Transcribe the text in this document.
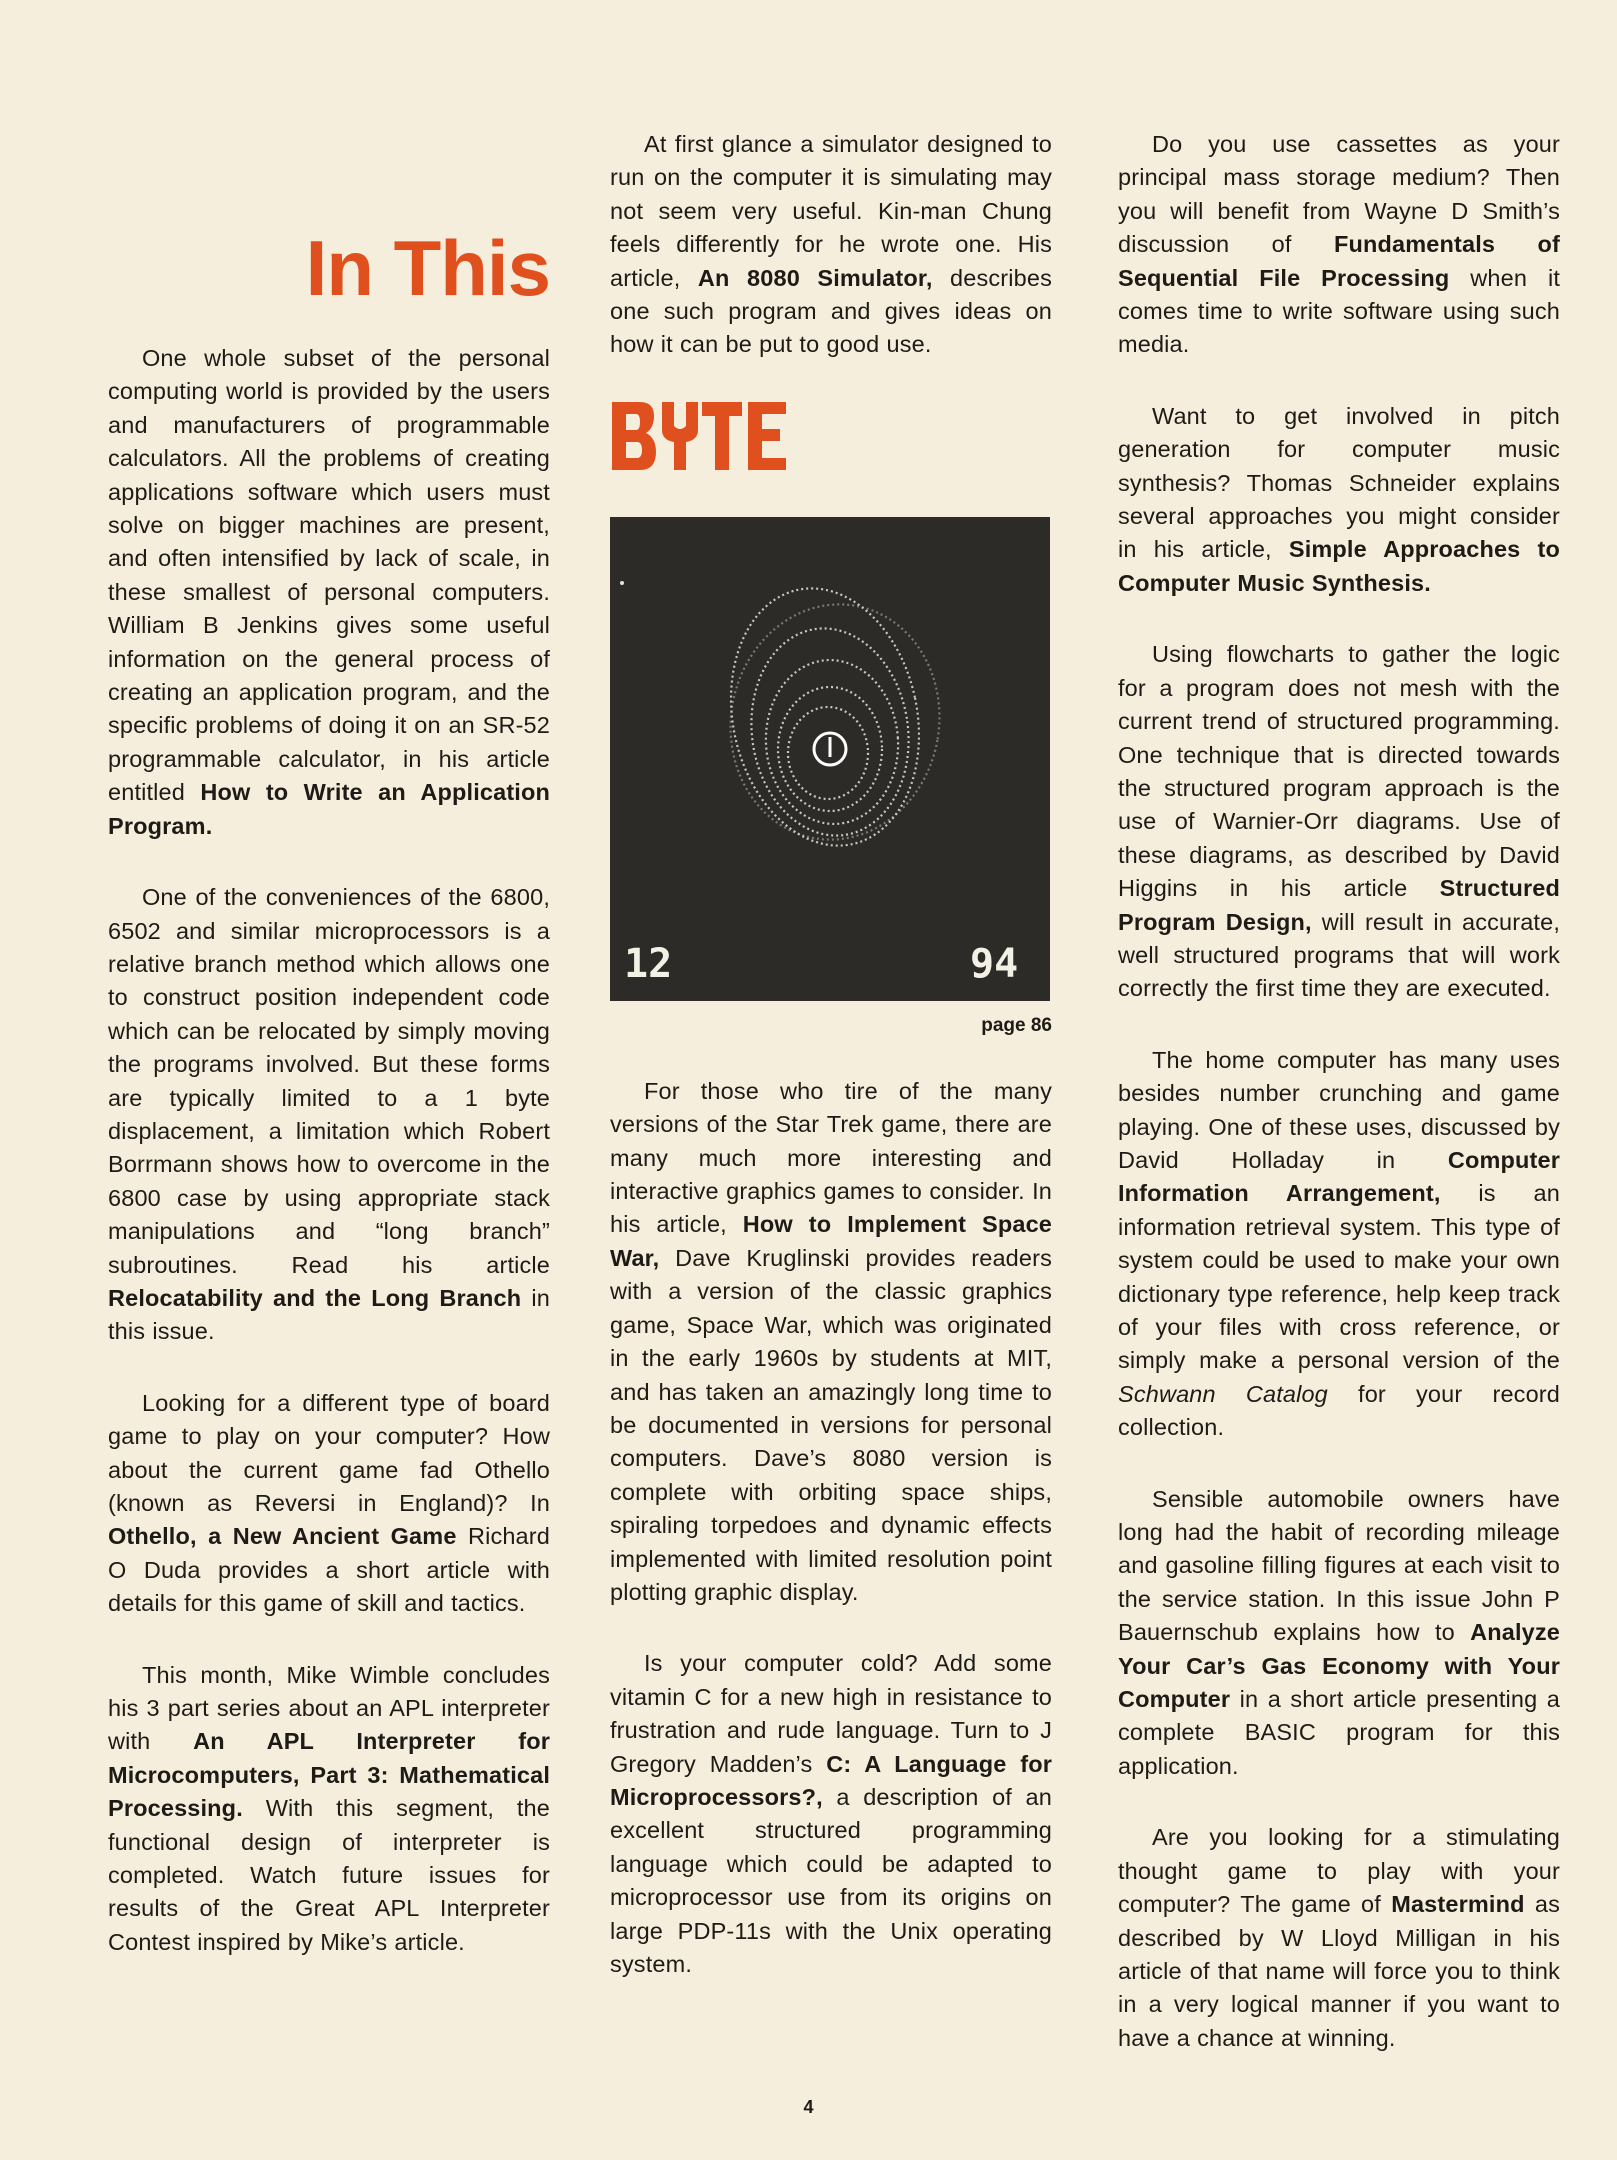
In This

One whole subset of the personal computing world is provided by the users and manufacturers of programmable calculators. All the problems of creating applications software which users must solve on bigger machines are present, and often intensified by lack of scale, in these smallest of personal computers. William B Jenkins gives some useful information on the general process of creating an application program, and the specific problems of doing it on an SR-52 programmable calculator, in his article entitled How to Write an Application Program.

One of the conveniences of the 6800, 6502 and similar microprocessors is a relative branch method which allows one to construct position independent code which can be relocated by simply moving the programs involved. But these forms are typically limited to a 1 byte displacement, a limitation which Robert Borrmann shows how to overcome in the 6800 case by using appropriate stack manipulations and “long branch” subroutines. Read his article Relocatability and the Long Branch in this issue.

Looking for a different type of board game to play on your computer? How about the current game fad Othello (known as Reversi in England)? In Othello, a New Ancient Game Richard O Duda provides a short article with details for this game of skill and tactics.

This month, Mike Wimble concludes his 3 part series about an APL interpreter with An APL Interpreter for Microcomputers, Part 3: Mathematical Processing. With this segment, the functional design of interpreter is completed. Watch future issues for results of the Great APL Interpreter Contest inspired by Mike’s article.

At first glance a simulator designed to run on the computer it is simulating may not seem very useful. Kin-man Chung feels differently for he wrote one. His article, An 8080 Simulator, describes one such program and gives ideas on how it can be put to good use.

12	94
page 86

For those who tire of the many versions of the Star Trek game, there are many much more interesting and interactive graphics games to consider. In his article, How to Implement Space War, Dave Kruglinski provides readers with a version of the classic graphics game, Space War, which was originated in the early 1960s by students at MIT, and has taken an amazingly long time to be documented in versions for personal computers. Dave’s 8080 version is complete with orbiting space ships, spiraling torpedoes and dynamic effects implemented with limited resolution point plotting graphic display.

Is your computer cold? Add some vitamin C for a new high in resistance to frustration and rude language. Turn to J Gregory Madden’s C: A Language for Microprocessors?, a description of an excellent structured programming language which could be adapted to microprocessor use from its origins on large PDP-11s with the Unix operating system.

Do you use cassettes as your principal mass storage medium? Then you will benefit from Wayne D Smith’s discussion of Fundamentals of Sequential File Processing when it comes time to write software using such media.

Want to get involved in pitch generation for computer music synthesis? Thomas Schneider explains several approaches you might consider in his article, Simple Approaches to Computer Music Synthesis.

Using flowcharts to gather the logic for a program does not mesh with the current trend of structured programming. One technique that is directed towards the structured program approach is the use of Warnier-Orr diagrams. Use of these diagrams, as described by David Higgins in his article Structured Program Design, will result in accurate, well structured programs that will work correctly the first time they are executed.

The home computer has many uses besides number crunching and game playing. One of these uses, discussed by David Holladay in Computer Information Arrangement, is an information retrieval system. This type of system could be used to make your own dictionary type reference, help keep track of your files with cross reference, or simply make a personal version of the Schwann Catalog for your record collection.

Sensible automobile owners have long had the habit of recording mileage and gasoline filling figures at each visit to the service station. In this issue John P Bauernschub explains how to Analyze Your Car’s Gas Economy with Your Computer in a short article presenting a complete BASIC program for this application.

Are you looking for a stimulating thought game to play with your computer? The game of Mastermind as described by W Lloyd Milligan in his article of that name will force you to think in a very logical manner if you want to have a chance at winning.

4
